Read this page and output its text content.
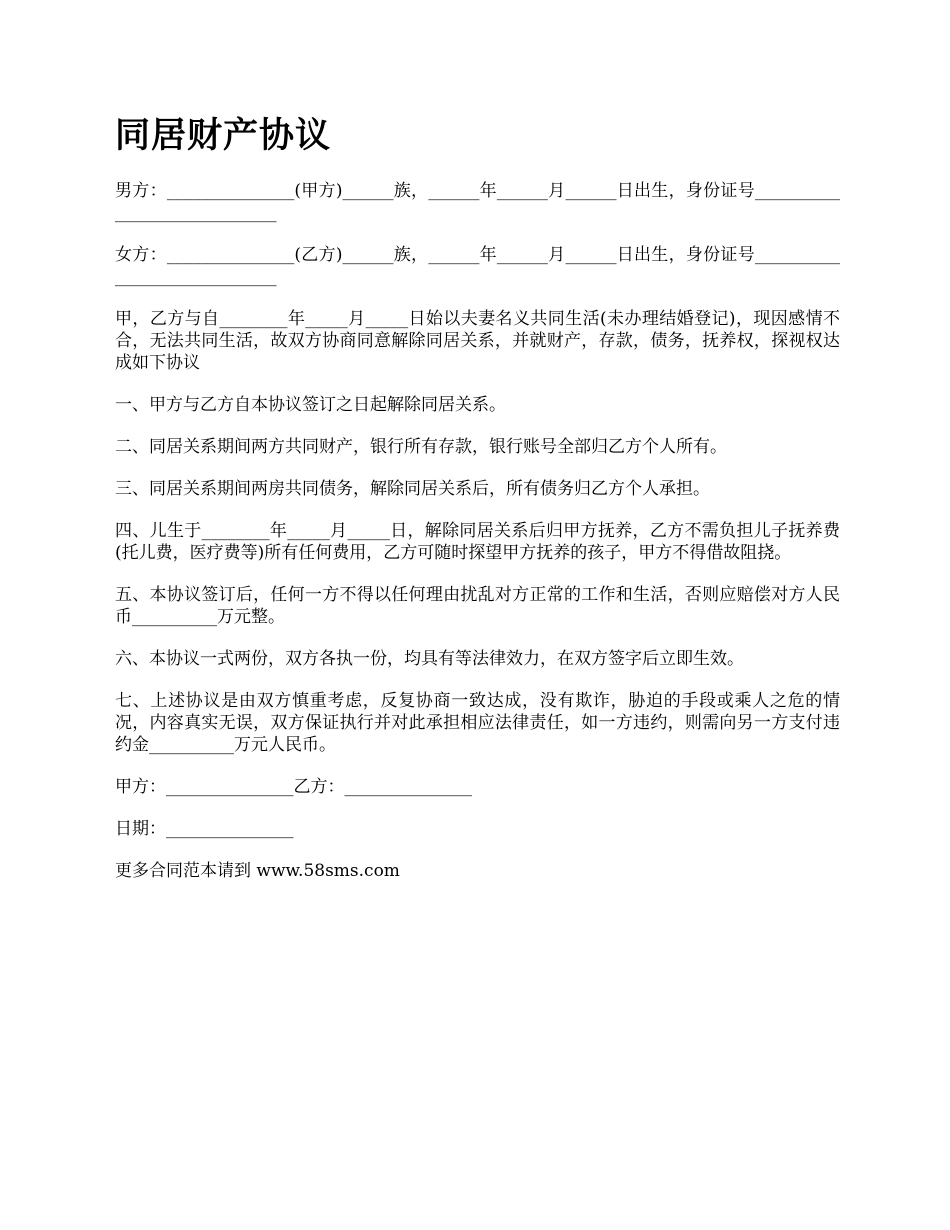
同居财产协议

男方：_______________(甲方)______族，______年______月______日出生，身份证号_____________________________

女方：_______________(乙方)______族，______年______月______日出生，身份证号_____________________________

甲，乙方与自________年_____月_____日始以夫妻名义共同生活(未办理结婚登记)，现因感情不合，无法共同生活，故双方协商同意解除同居关系，并就财产，存款，债务，抚养权，探视权达成如下协议

一、甲方与乙方自本协议签订之日起解除同居关系。

二、同居关系期间两方共同财产，银行所有存款，银行账号全部归乙方个人所有。

三、同居关系期间两房共同债务，解除同居关系后，所有债务归乙方个人承担。

四、儿生于________年_____月_____日，解除同居关系后归甲方抚养，乙方不需负担儿子抚养费(托儿费，医疗费等)所有任何费用，乙方可随时探望甲方抚养的孩子，甲方不得借故阻挠。

五、本协议签订后，任何一方不得以任何理由扰乱对方正常的工作和生活，否则应赔偿对方人民币__________万元整。

六、本协议一式两份，双方各执一份，均具有等法律效力，在双方签字后立即生效。

七、上述协议是由双方慎重考虑，反复协商一致达成，没有欺诈，胁迫的手段或乘人之危的情况，内容真实无误，双方保证执行并对此承担相应法律责任，如一方违约，则需向另一方支付违约金__________万元人民币。

甲方：_______________乙方：_______________

日期：_______________

更多合同范本请到 www.58sms.com
